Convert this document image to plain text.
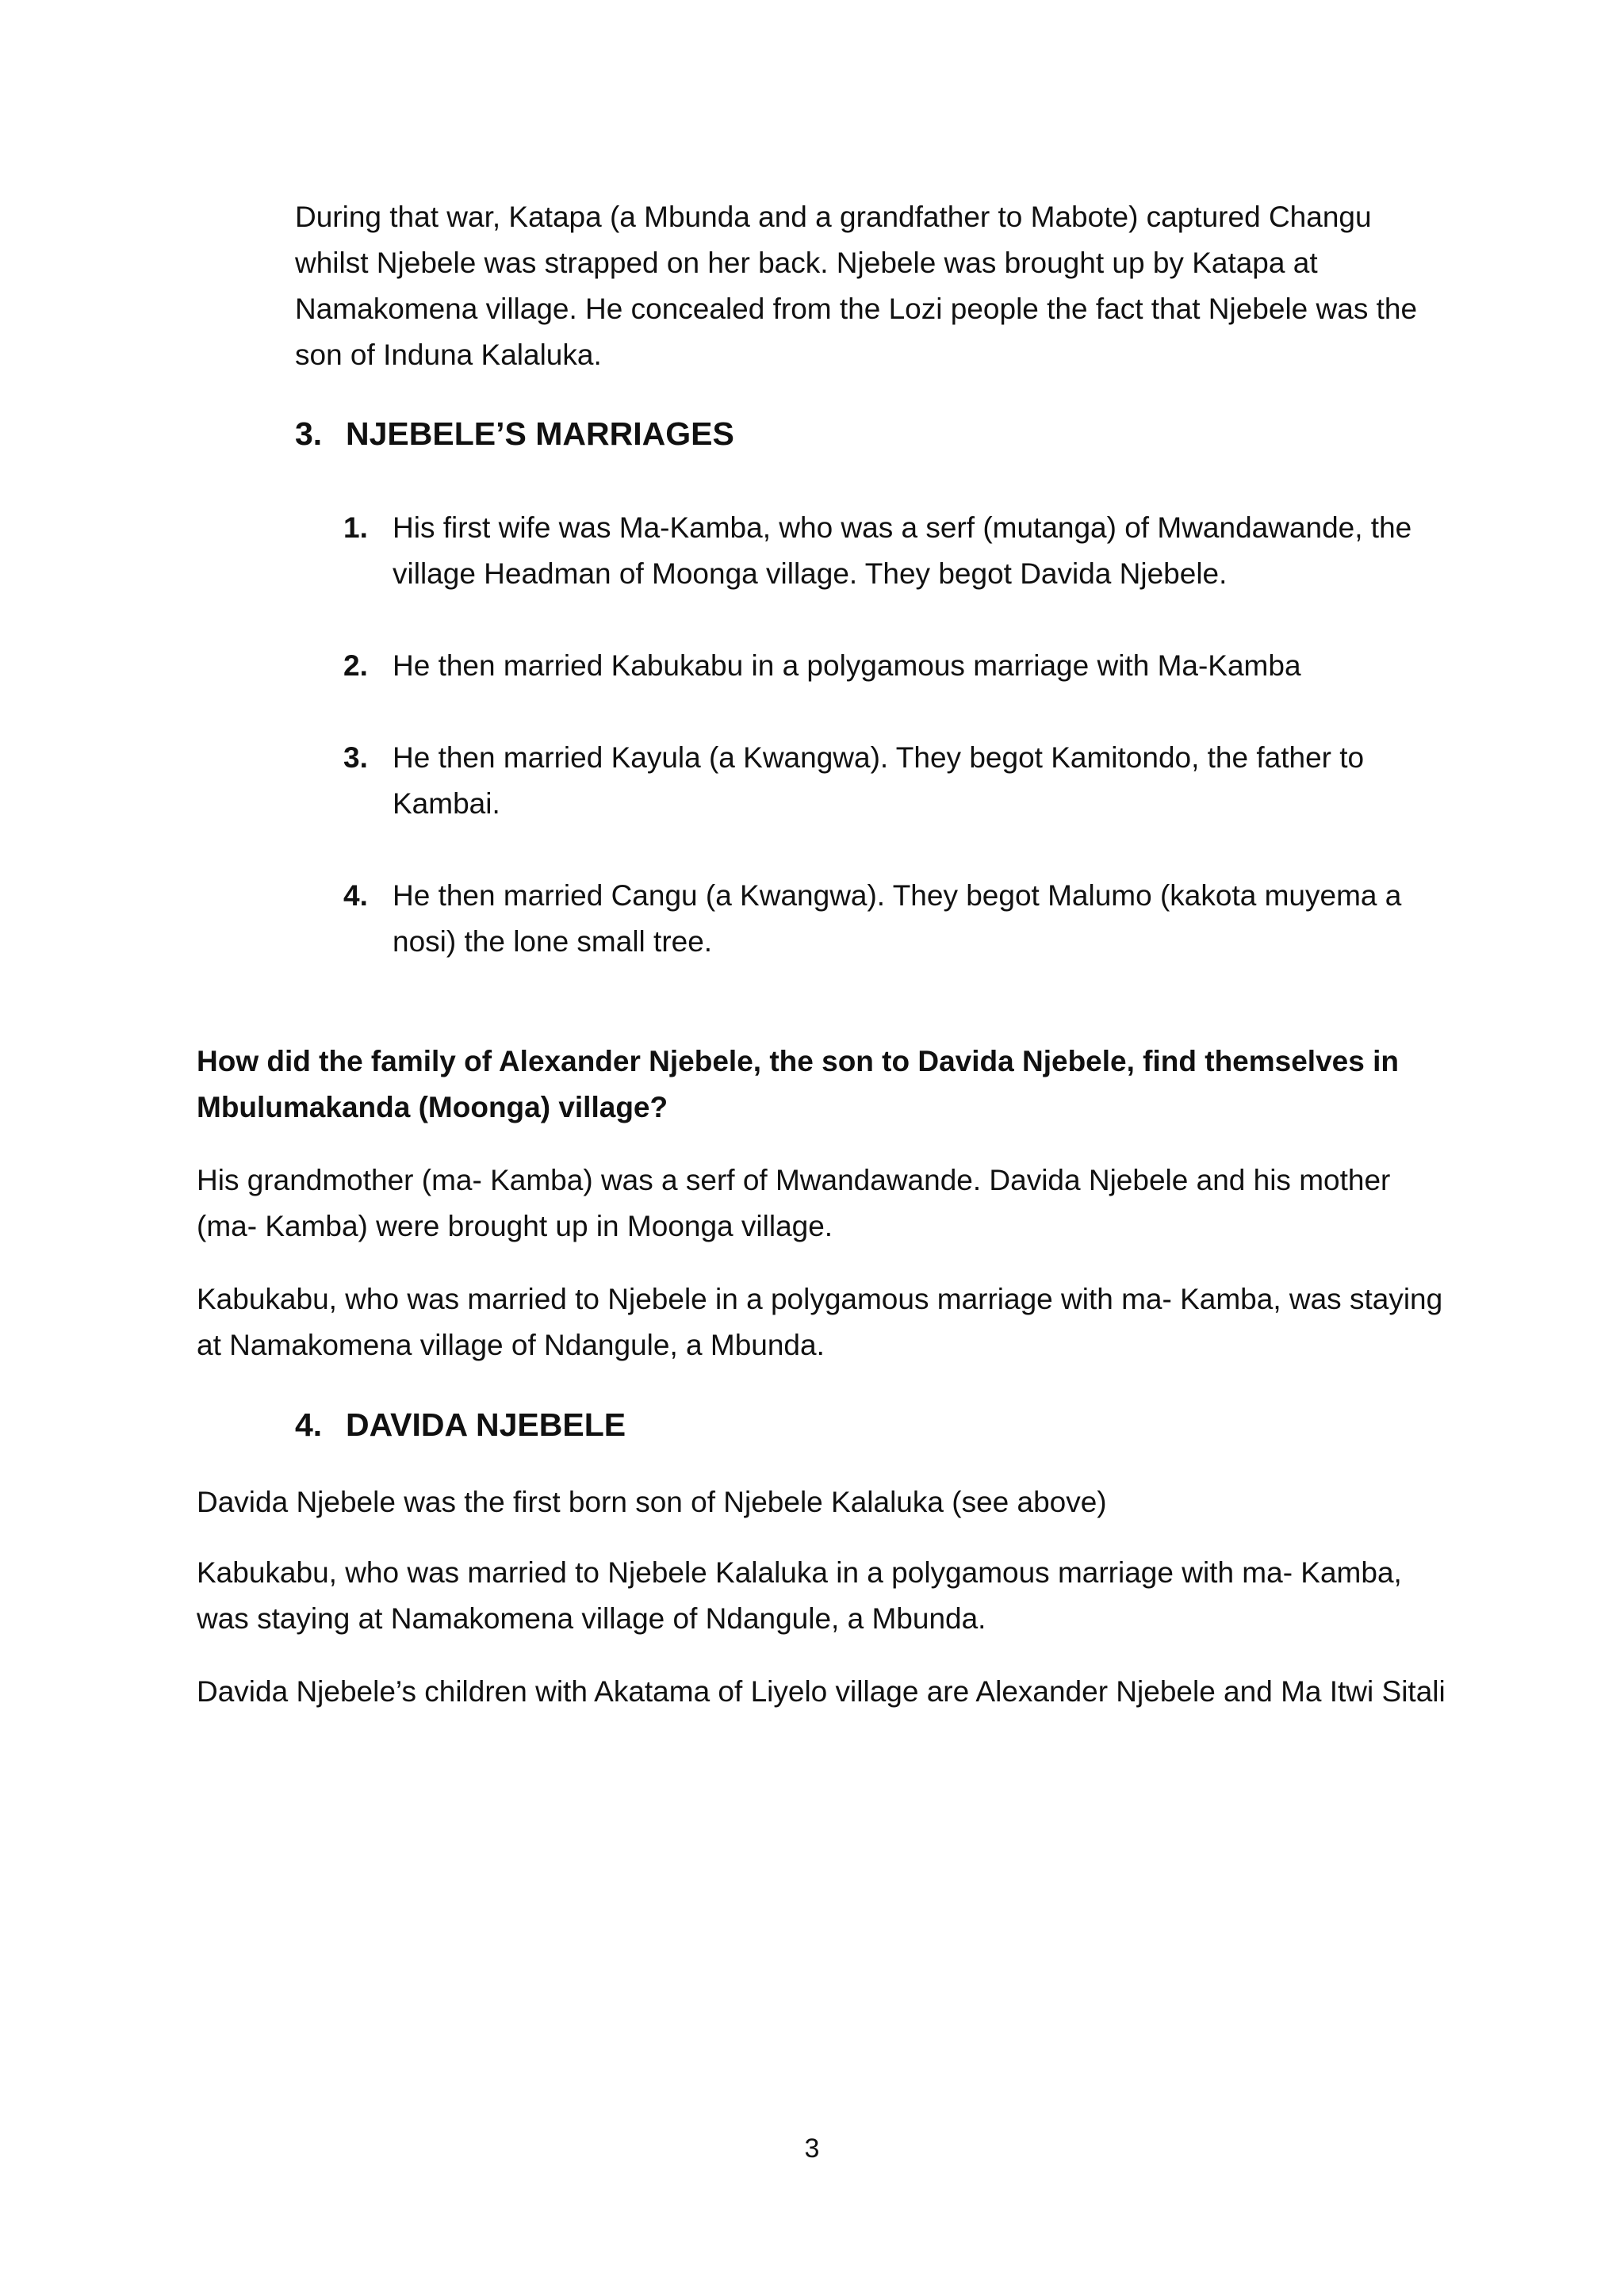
During that war, Katapa (a Mbunda and a grandfather to Mabote) captured Changu whilst Njebele was strapped on her back. Njebele was brought up by Katapa at Namakomena village. He concealed from the Lozi people the fact that Njebele was the son of Induna Kalaluka.

3. NJEBELE’S MARRIAGES
1. His first wife was Ma-Kamba, who was a serf (mutanga) of Mwandawande, the village Headman of Moonga village. They begot Davida Njebele.
2. He then married Kabukabu in a polygamous marriage with Ma-Kamba
3. He then married Kayula (a Kwangwa). They begot Kamitondo, the father to Kambai.
4. He then married Cangu (a Kwangwa). They begot Malumo (kakota muyema a nosi) the lone small tree.

How did the family of Alexander Njebele, the son to Davida Njebele, find themselves in Mbulumakanda (Moonga) village?

His grandmother (ma- Kamba) was a serf of Mwandawande. Davida Njebele and his mother (ma- Kamba) were brought up in Moonga village.

Kabukabu, who was married to Njebele in a polygamous marriage with ma- Kamba, was staying at Namakomena village of Ndangule, a Mbunda.

4. DAVIDA NJEBELE

Davida Njebele was the first born son of Njebele Kalaluka (see above)

Kabukabu, who was married to Njebele Kalaluka in a polygamous marriage with ma- Kamba, was staying at Namakomena village of Ndangule, a Mbunda.

Davida Njebele’s children with Akatama of Liyelo village are Alexander Njebele and Ma Itwi Sitali

3
